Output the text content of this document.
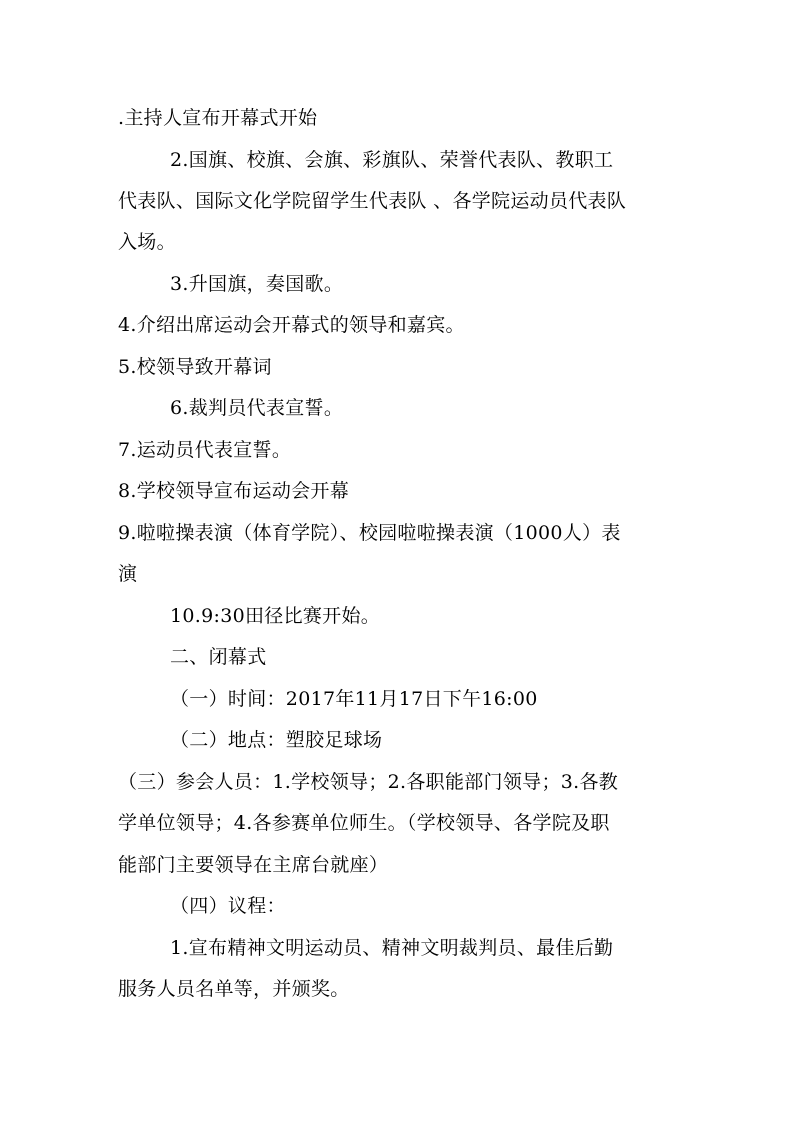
.主持人宣布开幕式开始
2.国旗、校旗、会旗、彩旗队、荣誉代表队、教职工
代表队、国际文化学院留学生代表队 、各学院运动员代表队
入场。
3.升国旗，奏国歌。
4.介绍出席运动会开幕式的领导和嘉宾。
5.校领导致开幕词
6.裁判员代表宣誓。
7.运动员代表宣誓。
8.学校领导宣布运动会开幕
9.啦啦操表演（体育学院）、校园啦啦操表演（1000人）表
演
10.9:30田径比赛开始。
二、闭幕式
（一）时间：2017年11月17日下午16:00
（二）地点：塑胶足球场
（三）参会人员：1.学校领导；2.各职能部门领导；3.各教
学单位领导；4.各参赛单位师生。（学校领导、各学院及职
能部门主要领导在主席台就座）
（四）议程：
1.宣布精神文明运动员、精神文明裁判员、最佳后勤
服务人员名单等，并颁奖。
